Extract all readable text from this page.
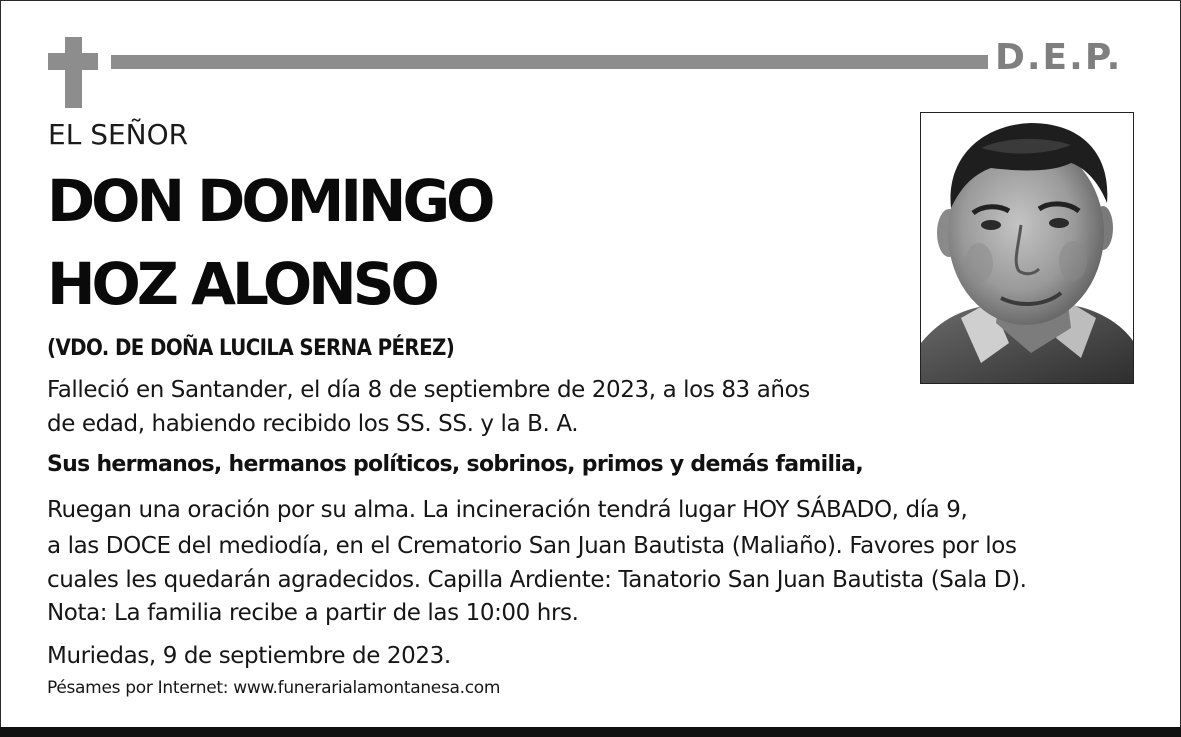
D.E.P.
EL SEÑOR
DON DOMINGO
HOZ ALONSO
(VDO. DE DOÑA LUCILA SERNA PÉREZ)
Falleció en Santander, el día 8 de septiembre de 2023, a los 83 años
de edad, habiendo recibido los SS. SS. y la B. A.
Sus hermanos, hermanos políticos, sobrinos, primos y demás familia,
Ruegan una oración por su alma. La incineración tendrá lugar HOY SÁBADO, día 9,
a las DOCE del mediodía, en el Crematorio San Juan Bautista (Maliaño). Favores por los
cuales les quedarán agradecidos. Capilla Ardiente: Tanatorio San Juan Bautista (Sala D).
Nota: La familia recibe a partir de las 10:00 hrs.
Muriedas, 9 de septiembre de 2023.
Pésames por Internet: www.funerarialamontanesa.com
